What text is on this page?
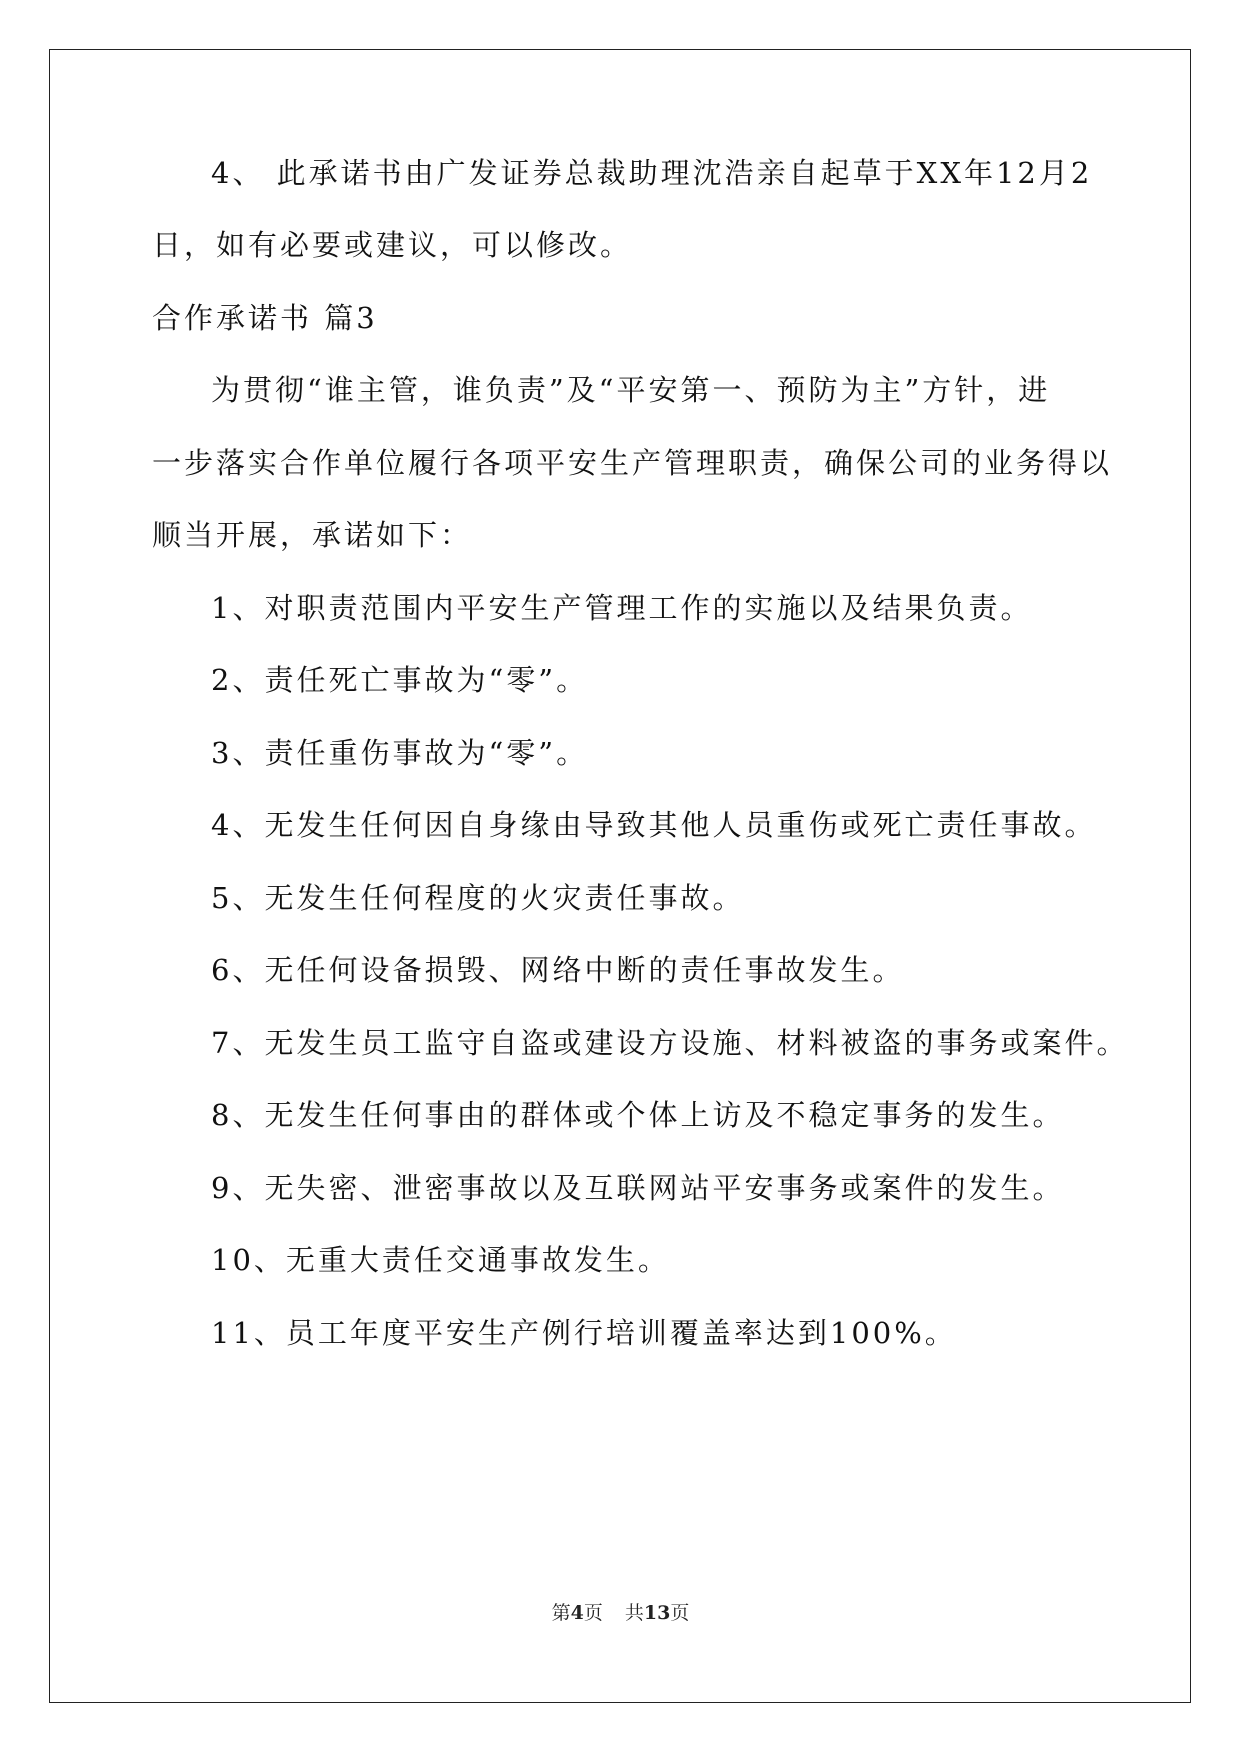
4、 此承诺书由广发证券总裁助理沈浩亲自起草于XX年12月2
日，如有必要或建议，可以修改。
合作承诺书 篇3
为贯彻“谁主管，谁负责”及“平安第一、预防为主”方针，进
一步落实合作单位履行各项平安生产管理职责，确保公司的业务得以
顺当开展，承诺如下：
1、对职责范围内平安生产管理工作的实施以及结果负责。
2、责任死亡事故为“零”。
3、责任重伤事故为“零”。
4、无发生任何因自身缘由导致其他人员重伤或死亡责任事故。
5、无发生任何程度的火灾责任事故。
6、无任何设备损毁、网络中断的责任事故发生。
7、无发生员工监守自盗或建设方设施、材料被盗的事务或案件。
8、无发生任何事由的群体或个体上访及不稳定事务的发生。
9、无失密、泄密事故以及互联网站平安事务或案件的发生。
10、无重大责任交通事故发生。
11、员工年度平安生产例行培训覆盖率达到100%。
第4页 共13页
